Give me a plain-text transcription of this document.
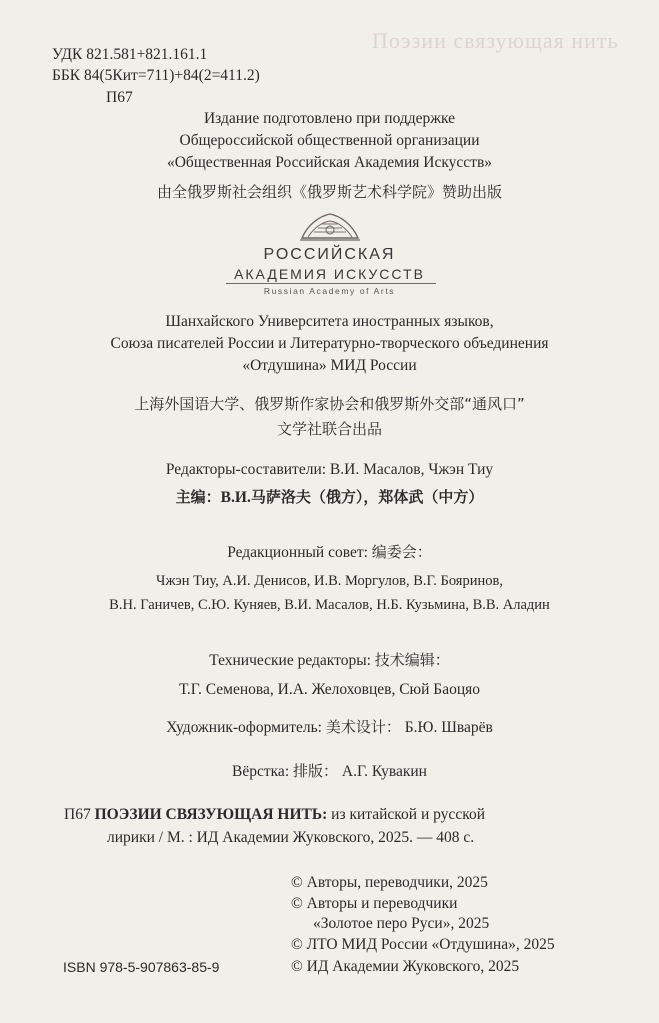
Поэзии связующая нить
УДК 821.581+821.161.1
ББК 84(5Кит=711)+84(2=411.2)
П67
Издание подготовлено при поддержке
Общероссийской общественной организации
«Общественная Российская Академия Искусств»
由全俄罗斯社会组织《俄罗斯艺术科学院》赞助出版
РОССИЙСКАЯ
АКАДЕМИЯ ИСКУССТВ
Russian Academy of Arts
Шанхайского Университета иностранных языков,
Союза писателей России и Литературно-творческого объединения
«Отдушина» МИД России
上海外国语大学、俄罗斯作家协会和俄罗斯外交部“通风口”
文学社联合出品
Редакторы-составители: В.И. Масалов, Чжэн Тиу
主编：В.И.马萨洛夫（俄方），郑体武（中方）
Редакционный совет: 编委会：
Чжэн Тиу, А.И. Денисов, И.В. Моргулов, В.Г. Бояринов,
В.Н. Ганичев, С.Ю. Куняев, В.И. Масалов, Н.Б. Кузьмина, В.В. Аладин
Технические редакторы: 技术编辑：
Т.Г. Семенова, И.А. Желоховцев, Сюй Баоцяо
Художник-оформитель: 美术设计： Б.Ю. Шварёв
Вёрстка: 排版： А.Г. Кувакин
П67 ПОЭЗИИ СВЯЗУЮЩАЯ НИТЬ: из китайской и русской
лирики / М. : ИД Академии Жуковского, 2025. — 408 с.
© Авторы, переводчики, 2025
© Авторы и переводчики
«Золотое перо Руси», 2025
© ЛТО МИД России «Отдушина», 2025
© ИД Академии Жуковского, 2025
ISBN 978-5-907863-85-9
